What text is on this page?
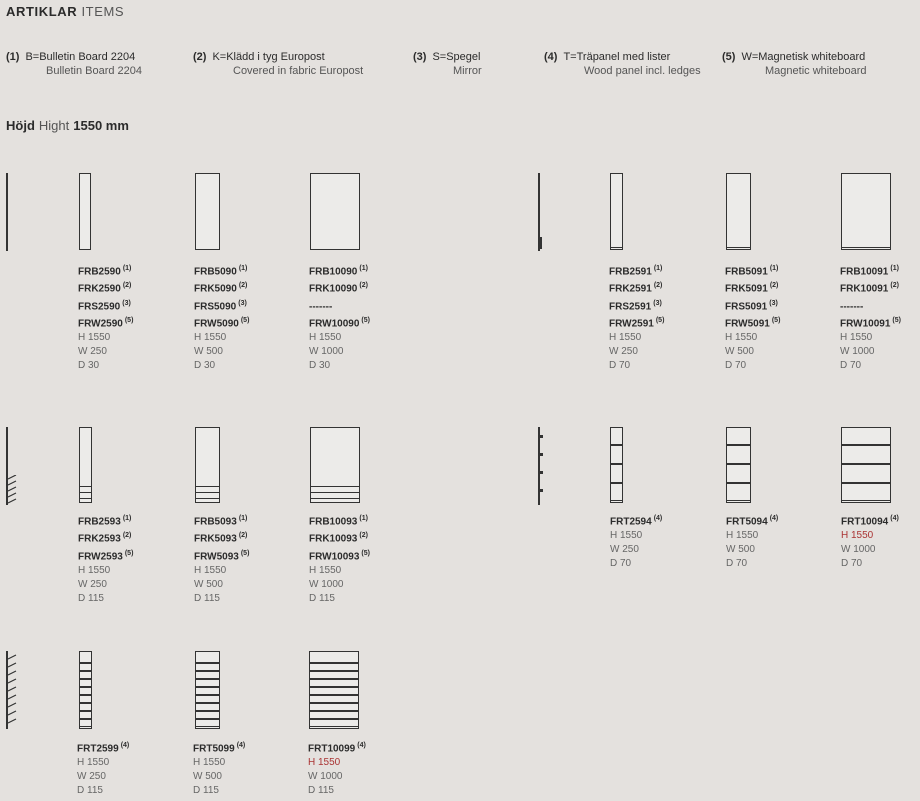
ARTIKLAR ITEMS
(1) B=Bulletin Board 2204
Bulletin Board 2204
(2) K=Klädd i tyg Europost
Covered in fabric Europost
(3) S=Spegel
Mirror
(4) T=Träpanel med lister
Wood panel incl. ledges
(5) W=Magnetisk whiteboard
Magnetic whiteboard
Höjd Hight 1550 mm
FRB2590 $^{(1)}$
FRK2590 $^{(2)}$
FRS2590 $^{(3)}$
FRW2590 $^{(5)}$
H 1550
W 250
D 30
FRB5090 $^{(1)}$
FRK5090 $^{(2)}$
FRS5090 $^{(3)}$
FRW5090 $^{(5)}$
H 1550
W 500
D 30
FRB10090 $^{(1)}$
FRK10090 $^{(2)}$
-------
FRW10090 $^{(5)}$
H 1550
W 1000
D 30
FRB2591 $^{(1)}$
FRK2591 $^{(2)}$
FRS2591 $^{(3)}$
FRW2591 $^{(5)}$
H 1550
W 250
D 70
FRB5091 $^{(1)}$
FRK5091 $^{(2)}$
FRS5091 $^{(3)}$
FRW5091 $^{(5)}$
H 1550
W 500
D 70
FRB10091 $^{(1)}$
FRK10091 $^{(2)}$
-------
FRW10091 $^{(5)}$
H 1550
W 1000
D 70
FRB2593 $^{(1)}$
FRK2593 $^{(2)}$
FRW2593 $^{(5)}$
H 1550
W 250
D 115
FRB5093 $^{(1)}$
FRK5093 $^{(2)}$
FRW5093 $^{(5)}$
H 1550
W 500
D 115
FRB10093 $^{(1)}$
FRK10093 $^{(2)}$
FRW10093 $^{(5)}$
H 1550
W 1000
D 115
FRT2594 $^{(4)}$
H 1550
W 250
D 70
FRT5094 $^{(4)}$
H 1550
W 500
D 70
FRT10094 $^{(4)}$
H 1550
W 1000
D 70
FRT2599 $^{(4)}$
H 1550
W 250
D 115
FRT5099 $^{(4)}$
H 1550
W 500
D 115
FRT10099 $^{(4)}$
H 1550
W 1000
D 115
